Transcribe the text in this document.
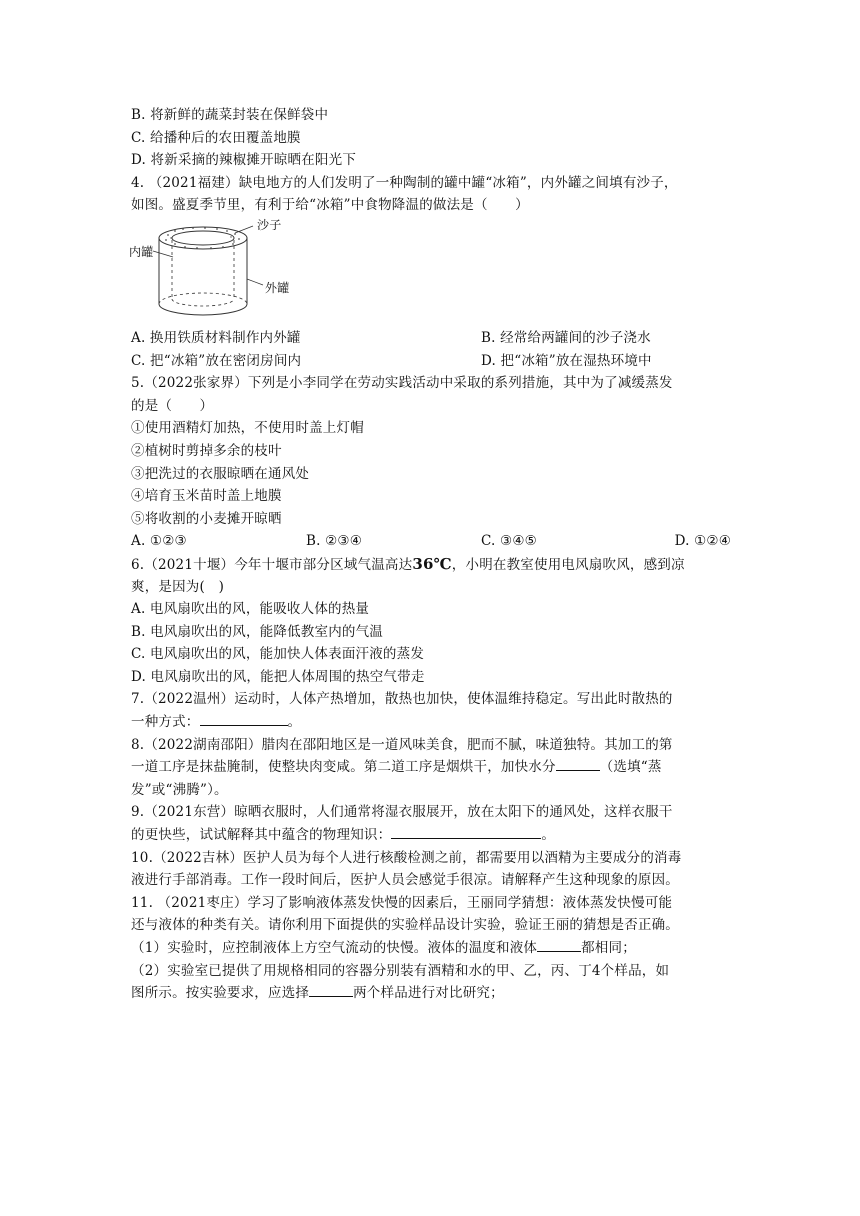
B. 将新鲜的蔬菜封装在保鲜袋中
C. 给播种后的农田覆盖地膜
D. 将新采摘的辣椒摊开晾晒在阳光下
4. （2021福建）缺电地方的人们发明了一种陶制的罐中罐“冰箱”，内外罐之间填有沙子，
如图。盛夏季节里，有利于给“冰箱”中食物降温的做法是（　　）
沙子
内罐
外罐
A. 换用铁质材料制作内外罐	B. 经常给两罐间的沙子浇水
C. 把“冰箱”放在密闭房间内	D. 把“冰箱”放在湿热环境中
5.（2022张家界）下列是小李同学在劳动实践活动中采取的系列措施，其中为了减缓蒸发
的是（　　）
①使用酒精灯加热，不使用时盖上灯帽
②植树时剪掉多余的枝叶
③把洗过的衣服晾晒在通风处
④培育玉米苗时盖上地膜
⑤将收割的小麦摊开晾晒
A. ①②③	B. ②③④	C. ③④⑤	D. ①②④
6.（2021十堰）今年十堰市部分区域气温高达36℃，小明在教室使用电风扇吹风，感到凉
爽，是因为(　)
A. 电风扇吹出的风，能吸收人体的热量
B. 电风扇吹出的风，能降低教室内的气温
C. 电风扇吹出的风，能加快人体表面汗液的蒸发
D. 电风扇吹出的风，能把人体周围的热空气带走
7.（2022温州）运动时，人体产热增加，散热也加快，使体温维持稳定。写出此时散热的
一种方式：	。
8.（2022湖南邵阳）腊肉在邵阳地区是一道风味美食，肥而不腻，味道独特。其加工的第
一道工序是抹盐腌制，使整块肉变咸。第二道工序是烟烘干，加快水分	（选填“蒸
发”或“沸腾”）。
9.（2021东营）晾晒衣服时，人们通常将湿衣服展开，放在太阳下的通风处，这样衣服干
的更快些，试试解释其中蕴含的物理知识：	。
10.（2022吉林）医护人员为每个人进行核酸检测之前，都需要用以酒精为主要成分的消毒
液进行手部消毒。工作一段时间后，医护人员会感觉手很凉。请解释产生这种现象的原因。
11. （2021枣庄）学习了影响液体蒸发快慢的因素后，王丽同学猜想：液体蒸发快慢可能
还与液体的种类有关。请你利用下面提供的实验样品设计实验，验证王丽的猜想是否正确。
（1）实验时，应控制液体上方空气流动的快慢。液体的温度和液体	都相同；
（2）实验室已提供了用规格相同的容器分别装有酒精和水的甲、乙，丙、丁4个样品，如
图所示。按实验要求，应选择	两个样品进行对比研究；
